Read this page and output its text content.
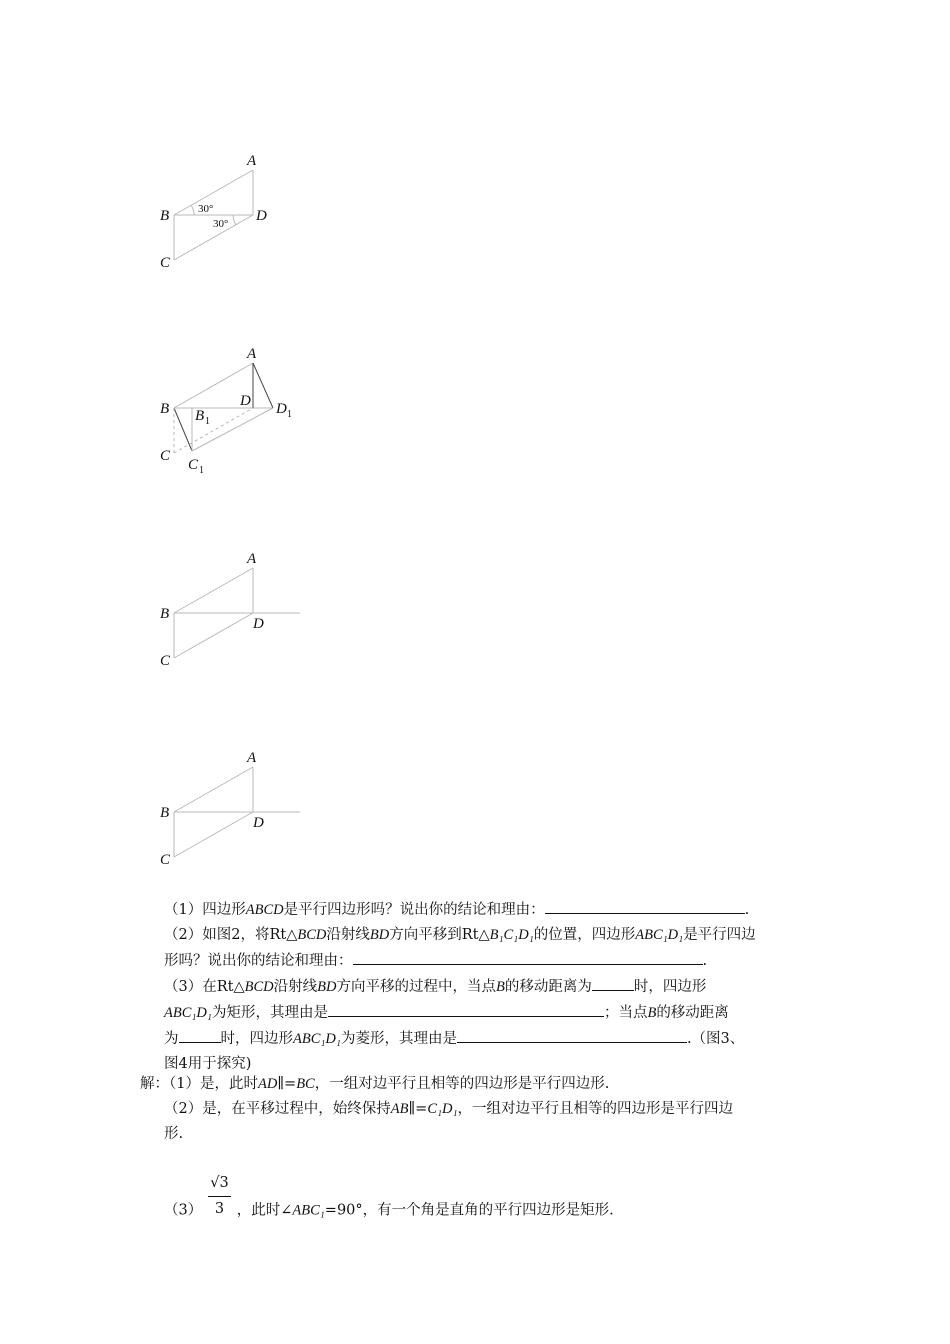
A
B
C
D
30°
30°
A
B
C
D D 1
B 1
C 1
A
B
C
D
A
B
C
D

（1）四边形ABCD是平行四边形吗？说出你的结论和理由：	.

（2）如图2，将Rt△BCD沿射线BD方向平移到Rt△B₁C₁D₁的位置，四边形ABC₁D₁是平行四边

形吗？说出你的结论和理由：	.

（3）在Rt△BCD沿射线BD方向平移的过程中，当点B的移动距离为	时，四边形

ABC₁D₁为矩形，其理由是	；当点B的移动距离

为	时，四边形ABC₁D₁为菱形，其理由是	.（图3、

图4用于探究)

解：（1）是，此时AD∥=BC，一组对边平行且相等的四边形是平行四边形.

（2）是，在平移过程中，始终保持AB∥=C₁D₁，一组对边平行且相等的四边形是平行四边

形.

$(3) \frac{√3}{3}$ ，此时∠ABC₁=90°，有一个角是直角的平行四边形是矩形.
